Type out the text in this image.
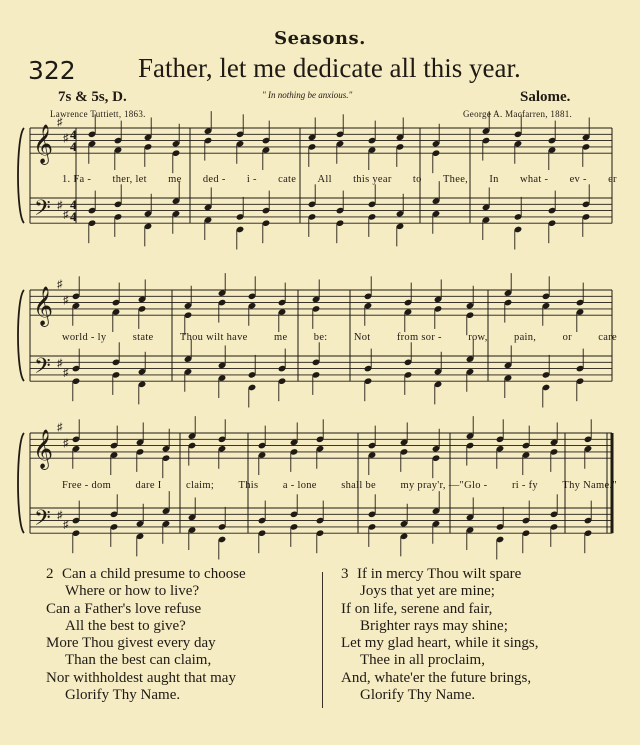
Seasons.
322 Father, let me dedicate all this year.
7s & 5s, D.	" In nothing be anxious."	Salome.
Lawrence Tuttiett, 1863.	George A. Macfarren, 1881.
𝄞
𝄢
♯
♯
♯
♯
4
4
4
4
𝄞
𝄢
♯
♯
♯
♯
𝄞
𝄢
♯
♯
♯
♯
1. Fa - ther, let me ded - i - cate All this year to Thee, In what - ev - er
world - ly	state	Thou wilt have	me	be:	Not	from sor -	row,	pain,	or	care
Free - dom dare I claim; This a - lone shall be my pray'r, —"Glo - ri - fy Thy Name."
2 Can a child presume to choose
Where or how to live?
Can a Father's love refuse
All the best to give?
More Thou givest every day
Than the best can claim,
Nor withholdest aught that may
Glorify Thy Name.
3 If in mercy Thou wilt spare
Joys that yet are mine;
If on life, serene and fair,
Brighter rays may shine;
Let my glad heart, while it sings,
Thee in all proclaim,
And, whate'er the future brings,
Glorify Thy Name.
